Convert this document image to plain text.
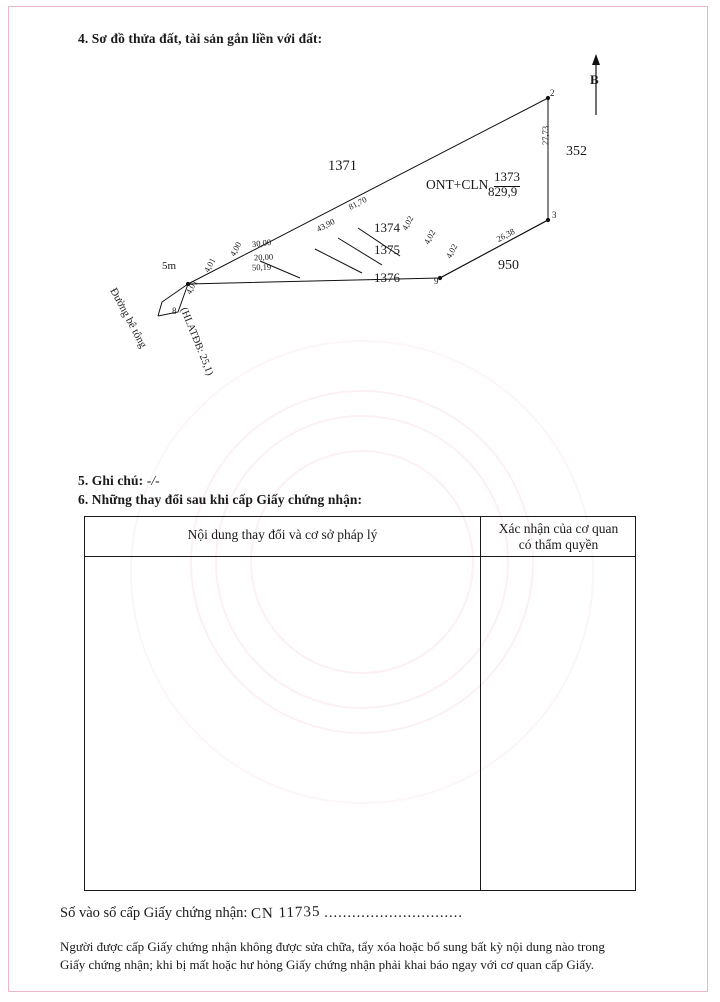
4. Sơ đồ thửa đất, tài sản gắn liền với đất:
B
1371
ONT+CLN
1373
829,9
1374
1375
1376
352
950
2
3
8
9
5m
Đường bê tông	(HLATĐB: 25,1)
81,70
43,90
30,00
20,00
50,19
4,00
4,01
4,01
27,73
4,02
4,02
4,02
26,38
5. Ghi chú: -/-
6. Những thay đổi sau khi cấp Giấy chứng nhận:
Nội dung thay đổi và cơ sở pháp lý	Xác nhận của cơ quan
có thẩm quyền
Số vào sổ cấp Giấy chứng nhận: CN 11735 ..............................
Người được cấp Giấy chứng nhận không được sửa chữa, tẩy xóa hoặc bổ sung bất kỳ nội dung nào trong
Giấy chứng nhận; khi bị mất hoặc hư hỏng Giấy chứng nhận phải khai báo ngay với cơ quan cấp Giấy.
